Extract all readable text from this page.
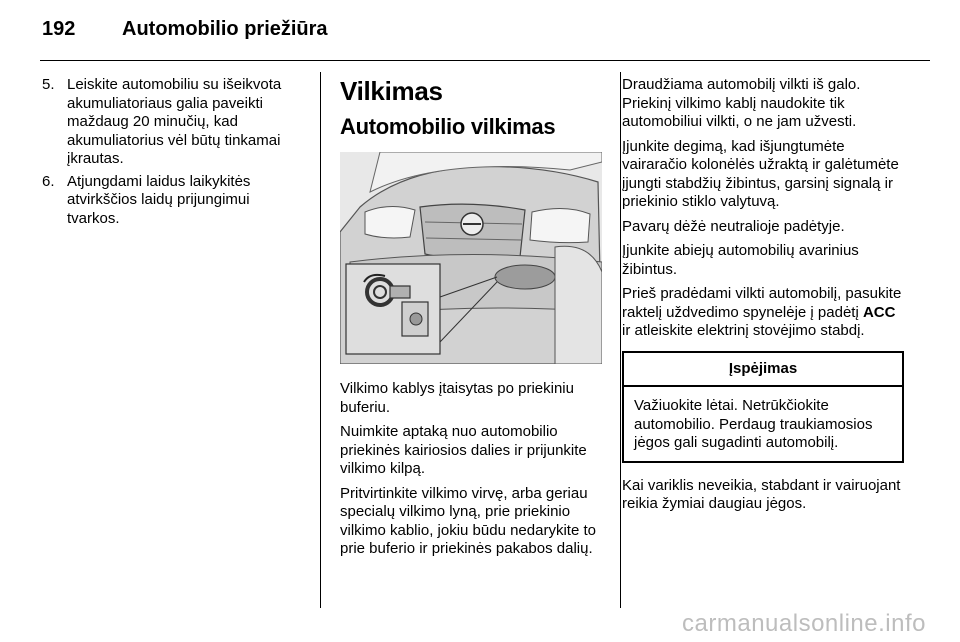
192 Automobilio priežiūra
5. Leiskite automobiliu su išeikvota akumuliatoriaus galia paveikti maždaug 20 minučių, kad akumuliatorius vėl būtų tinkamai įkrautas.
6. Atjungdami laidus laikykitės atvirkščios laidų prijungimui tvarkos.
Vilkimas
Automobilio vilkimas

Vilkimo kablys įtaisytas po priekiniu buferiu.

Nuimkite aptaką nuo automobilio priekinės kairiosios dalies ir prijunkite vilkimo kilpą.

Pritvirtinkite vilkimo virvę, arba geriau specialų vilkimo lyną, prie priekinio vilkimo kablio, jokiu būdu nedarykite to prie buferio ir priekinės pakabos dalių.

Draudžiama automobilį vilkti iš galo. Priekinį vilkimo kablį naudokite tik automobiliui vilkti, o ne jam užvesti.

Įjunkite degimą, kad išjungtumėte vairaračio kolonėlės užraktą ir galėtumėte įjungti stabdžių žibintus, garsinį signalą ir priekinio stiklo valytuvą.

Pavarų dėžė neutralioje padėtyje.

Įjunkite abiejų automobilių avarinius žibintus.

Prieš pradėdami vilkti automobilį, pasukite raktelį uždvedimo spynelėje į padėtį ACC ir atleiskite elektrinį stovėjimo stabdį.

Įspėjimas
Važiuokite lėtai. Netrūkčiokite automobilio. Perdaug traukiamosios jėgos gali sugadinti automobilį.

Kai variklis neveikia, stabdant ir vairuojant reikia žymiai daugiau jėgos.

carmanualsonline.info
